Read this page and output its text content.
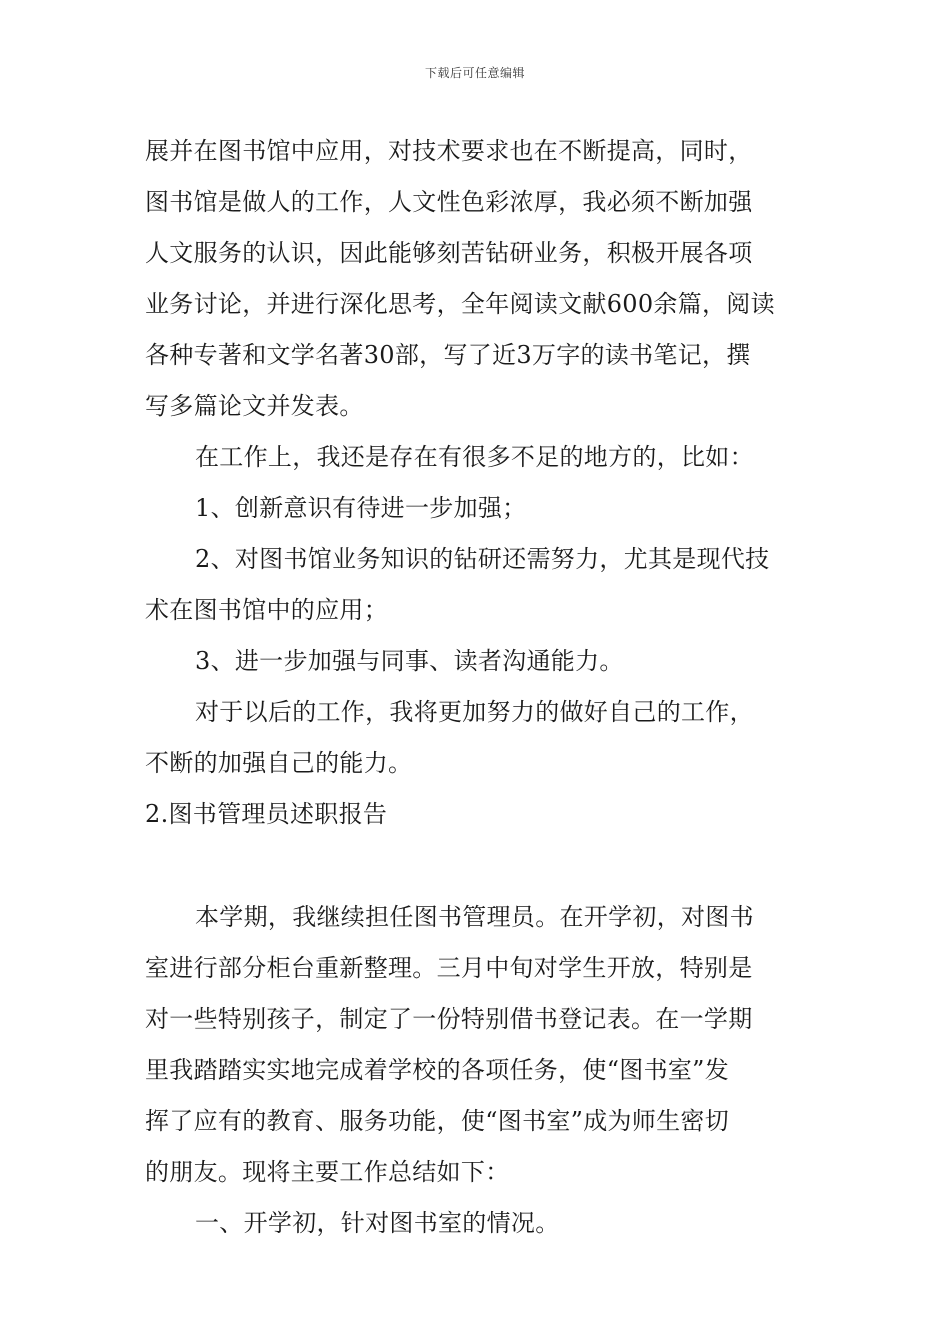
下载后可任意编辑
展并在图书馆中应用，对技术要求也在不断提高，同时，
图书馆是做人的工作，人文性色彩浓厚，我必须不断加强
人文服务的认识，因此能够刻苦钻研业务，积极开展各项
业务讨论，并进行深化思考，全年阅读文献600余篇，阅读
各种专著和文学名著30部，写了近3万字的读书笔记，撰
写多篇论文并发表。
在工作上，我还是存在有很多不足的地方的，比如：
1、创新意识有待进一步加强；
2、对图书馆业务知识的钻研还需努力，尤其是现代技
术在图书馆中的应用；
3、进一步加强与同事、读者沟通能力。
对于以后的工作，我将更加努力的做好自己的工作，
不断的加强自己的能力。
2.图书管理员述职报告
本学期，我继续担任图书管理员。在开学初，对图书
室进行部分柜台重新整理。三月中旬对学生开放，特别是
对一些特别孩子，制定了一份特别借书登记表。在一学期
里我踏踏实实地完成着学校的各项任务，使“图书室”发
挥了应有的教育、服务功能，使“图书室”成为师生密切
的朋友。现将主要工作总结如下：
一、开学初，针对图书室的情况。
